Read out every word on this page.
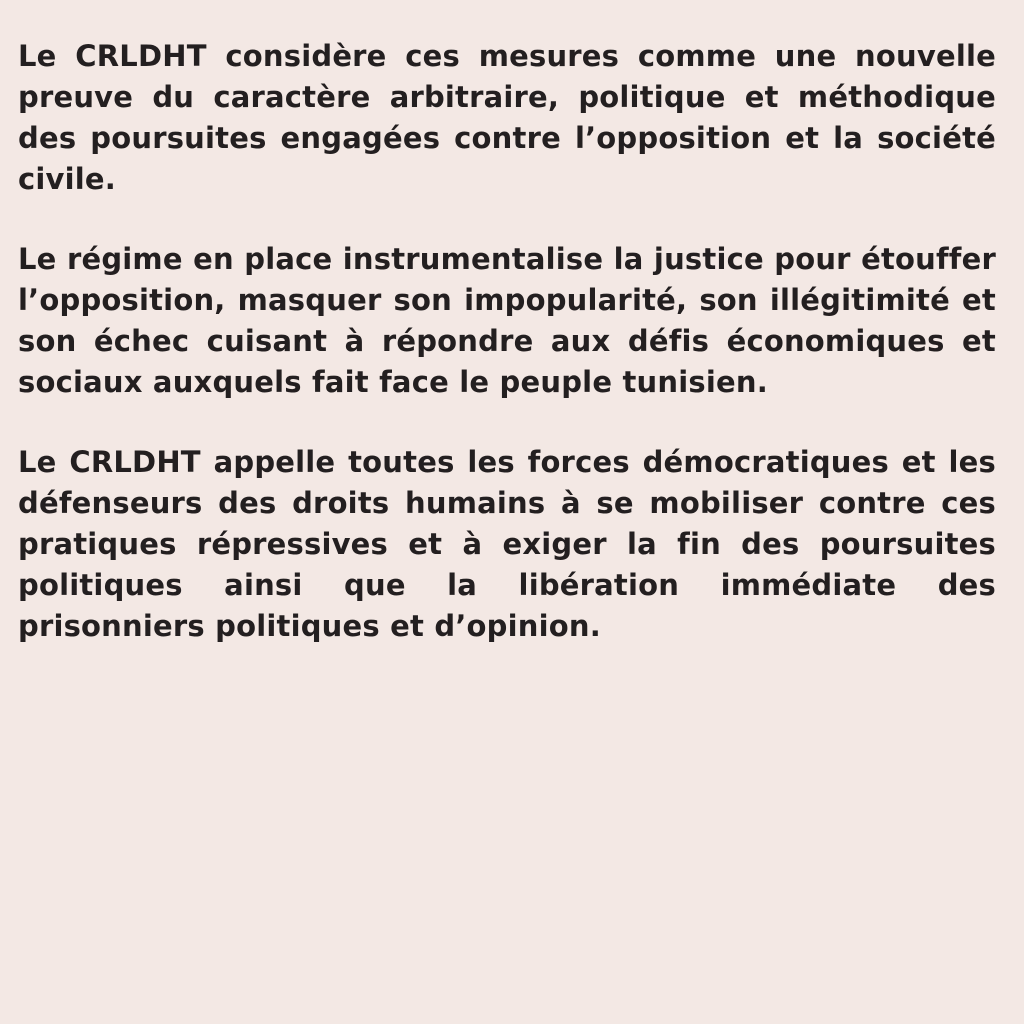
Le CRLDHT considère ces mesures comme une nouvelle preuve du caractère arbitraire, politique et méthodique des poursuites engagées contre l’opposition et la société civile.

Le régime en place instrumentalise la justice pour étouffer l’opposition, masquer son impopularité, son illégitimité et son échec cuisant à répondre aux défis économiques et sociaux auxquels fait face le peuple tunisien.

Le CRLDHT appelle toutes les forces démocratiques et les défenseurs des droits humains à se mobiliser contre ces pratiques répressives et à exiger la fin des poursuites politiques ainsi que la libération immédiate des prisonniers politiques et d’opinion.
